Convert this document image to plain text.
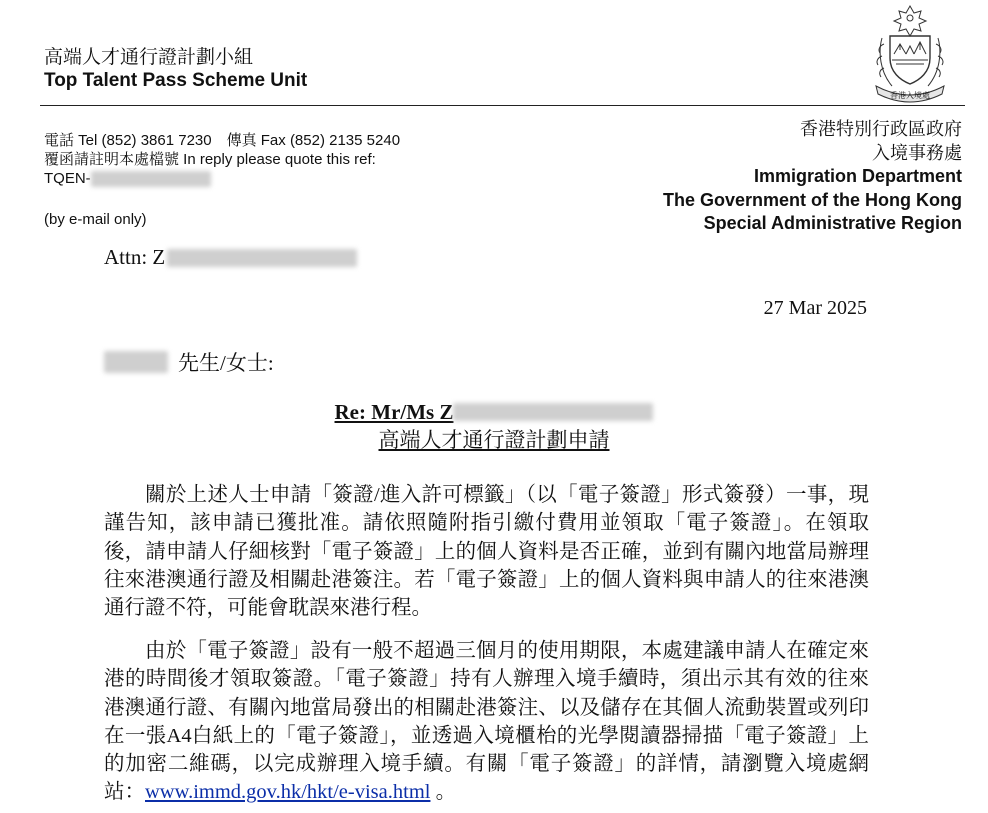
高端人才通行證計劃小組
Top Talent Pass Scheme Unit
香港入境處
電話 Tel (852) 3861 7230　傳真 Fax (852) 2135 5240
覆函請註明本處檔號 In reply please quote this ref:
TQEN-
(by e-mail only)
香港特別行政區政府
入境事務處
Immigration Department
The Government of the Hong Kong
Special Administrative Region
Attn: Z
27 Mar 2025
先生/女士:
Re: Mr/Ms Z
高端人才通行證計劃申請

關於上述人士申請「簽證/進入許可標籤」（以「電子簽證」形式簽發）一事，現謹告知，該申請已獲批准。請依照隨附指引繳付費用並領取「電子簽證」。在領取後，請申請人仔細核對「電子簽證」上的個人資料是否正確，並到有關內地當局辦理往來港澳通行證及相關赴港簽注。若「電子簽證」上的個人資料與申請人的往來港澳通行證不符，可能會耽誤來港行程。

由於「電子簽證」設有一般不超過三個月的使用期限，本處建議申請人在確定來港的時間後才領取簽證。「電子簽證」持有人辦理入境手續時，須出示其有效的往來港澳通行證、有關內地當局發出的相關赴港簽注、以及儲存在其個人流動裝置或列印在一張A4白紙上的「電子簽證」，並透過入境櫃枱的光學閱讀器掃描「電子簽證」上的加密二維碼，以完成辦理入境手續。有關「電子簽證」的詳情，請瀏覽入境處網站：www.immd.gov.hk/hkt/e-visa.html 。
